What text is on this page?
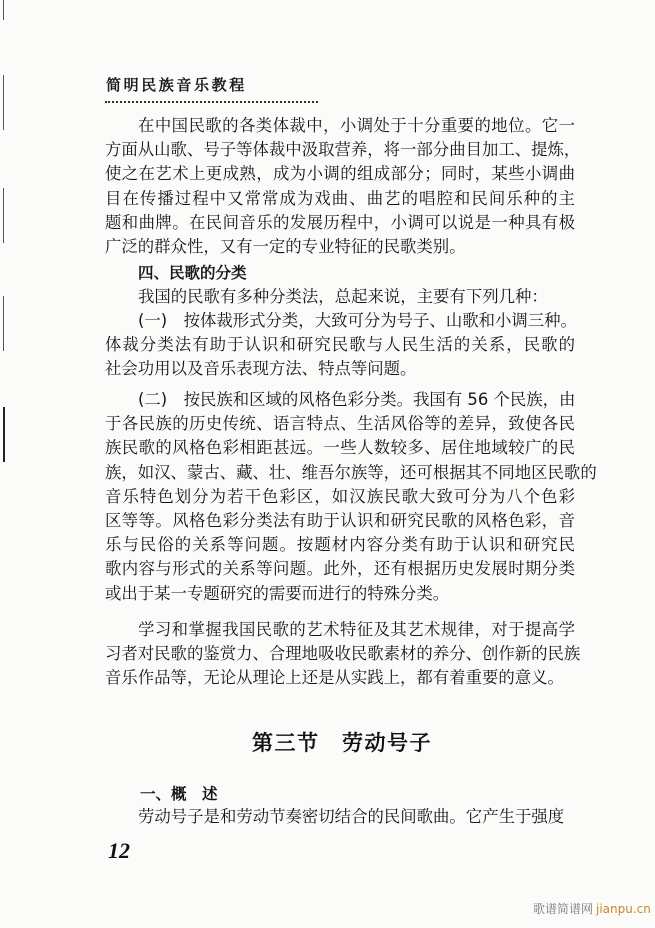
简明民族音乐教程
在中国民歌的各类体裁中，小调处于十分重要的地位。它一
方面从山歌、号子等体裁中汲取营养，将一部分曲目加工、提炼，
使之在艺术上更成熟，成为小调的组成部分；同时，某些小调曲
目在传播过程中又常常成为戏曲、曲艺的唱腔和民间乐种的主
题和曲牌。在民间音乐的发展历程中，小调可以说是一种具有极
广泛的群众性，又有一定的专业特征的民歌类别。
四、民歌的分类
我国的民歌有多种分类法，总起来说，主要有下列几种：
(一)　按体裁形式分类，大致可分为号子、山歌和小调三种。
体裁分类法有助于认识和研究民歌与人民生活的关系，民歌的
社会功用以及音乐表现方法、特点等问题。
(二)　按民族和区域的风格色彩分类。我国有 56 个民族，由
于各民族的历史传统、语言特点、生活风俗等的差异，致使各民
族民歌的风格色彩相距甚远。一些人数较多、居住地域较广的民
族，如汉、蒙古、藏、壮、维吾尔族等，还可根据其不同地区民歌的
音乐特色划分为若干色彩区，如汉族民歌大致可分为八个色彩
区等等。风格色彩分类法有助于认识和研究民歌的风格色彩，音
乐与民俗的关系等问题。按题材内容分类有助于认识和研究民
歌内容与形式的关系等问题。此外，还有根据历史发展时期分类
或出于某一专题研究的需要而进行的特殊分类。
学习和掌握我国民歌的艺术特征及其艺术规律，对于提高学
习者对民歌的鉴赏力、合理地吸收民歌素材的养分、创作新的民族
音乐作品等，无论从理论上还是从实践上，都有着重要的意义。
第三节　劳动号子
一、概　述
劳动号子是和劳动节奏密切结合的民间歌曲。它产生于强度
12
歌谱简谱网 jianpu.cn
